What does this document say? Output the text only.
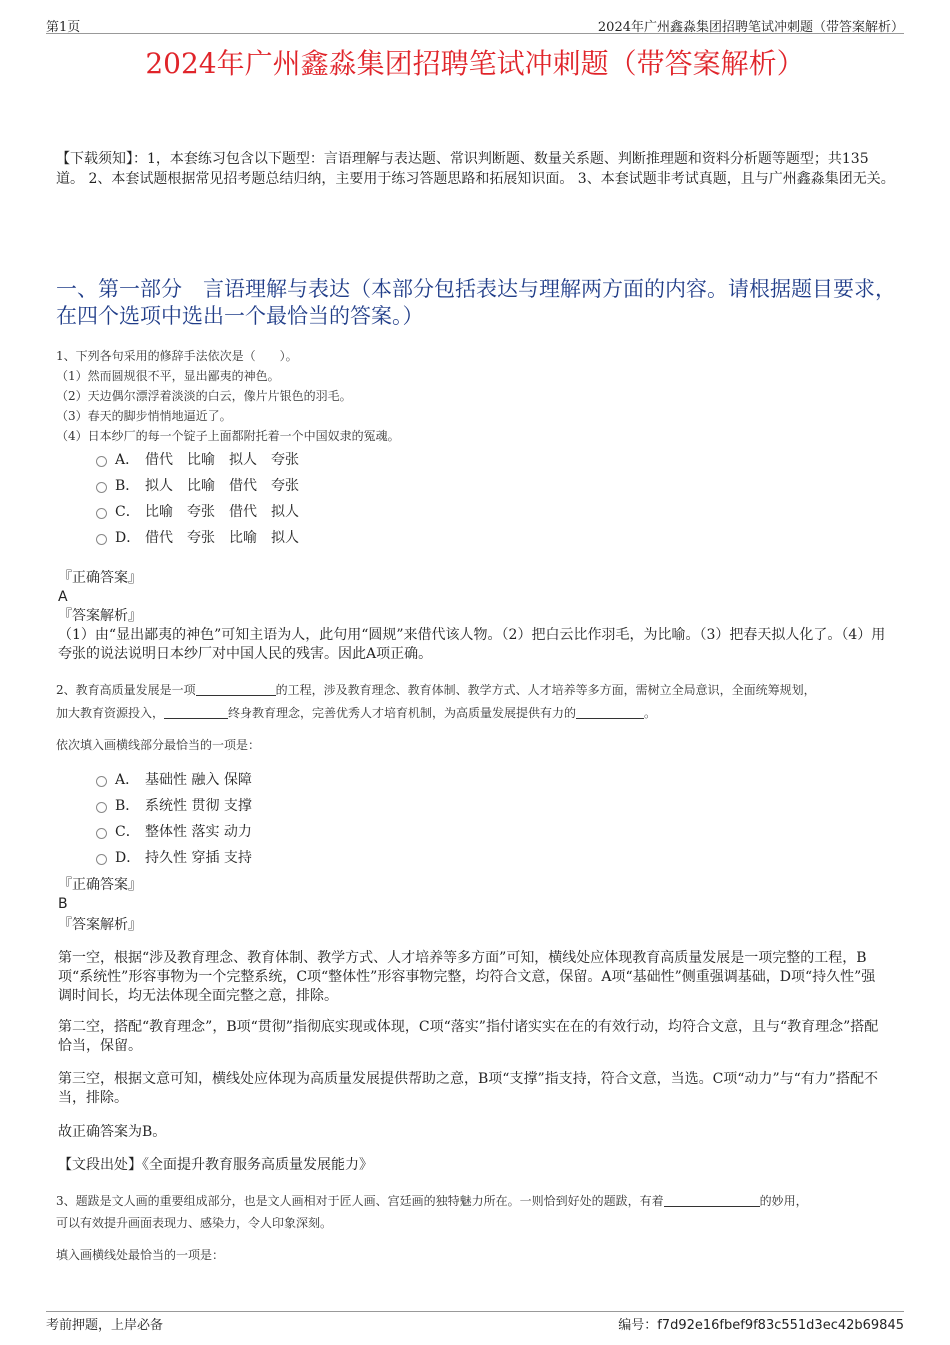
第1页	2024年广州鑫淼集团招聘笔试冲刺题（带答案解析）
2024年广州鑫淼集团招聘笔试冲刺题（带答案解析）
【下载须知】：1，本套练习包含以下题型：言语理解与表达题、常识判断题、数量关系题、判断推理题和资料分析题等题型；共135道。 2、本套试题根据常见招考题总结归纳，主要用于练习答题思路和拓展知识面。 3、本套试题非考试真题，且与广州鑫淼集团无关。
一、第一部分　言语理解与表达（本部分包括表达与理解两方面的内容。请根据题目要求，在四个选项中选出一个最恰当的答案。）
1、下列各句采用的修辞手法依次是（　　）。
（1）然而圆规很不平，显出鄙夷的神色。
（2）天边偶尔漂浮着淡淡的白云，像片片银色的羽毛。
（3）春天的脚步悄悄地逼近了。
（4）日本纱厂的每一个锭子上面都附托着一个中国奴隶的冤魂。
A． 借代　比喻　拟人　夸张
B． 拟人　比喻　借代　夸张
C． 比喻　夸张　借代　拟人
D． 借代　夸张　比喻　拟人
『正确答案』
A
『答案解析』
（1）由“显出鄙夷的神色”可知主语为人，此句用“圆规”来借代该人物。（2）把白云比作羽毛，为比喻。（3）把春天拟人化了。（4）用夸张的说法说明日本纱厂对中国人民的残害。因此A项正确。
2、教育高质量发展是一项	的工程，涉及教育理念、教育体制、教学方式、人才培养等多方面，需树立全局意识，全面统筹规划，
加大教育资源投入，	终身教育理念，完善优秀人才培育机制，为高质量发展提供有力的	。
依次填入画横线部分最恰当的一项是：
A． 基础性 融入 保障
B． 系统性 贯彻 支撑
C． 整体性 落实 动力
D． 持久性 穿插 支持
『正确答案』
B
『答案解析』
第一空，根据“涉及教育理念、教育体制、教学方式、人才培养等多方面”可知，横线处应体现教育高质量发展是一项完整的工程，B项“系统性”形容事物为一个完整系统，C项“整体性”形容事物完整，均符合文意，保留。A项“基础性”侧重强调基础，D项“持久性”强调时间长，均无法体现全面完整之意，排除。
第二空，搭配“教育理念”，B项“贯彻”指彻底实现或体现，C项“落实”指付诸实实在在的有效行动，均符合文意，且与“教育理念”搭配恰当，保留。
第三空，根据文意可知，横线处应体现为高质量发展提供帮助之意，B项“支撑”指支持，符合文意，当选。C项“动力”与“有力”搭配不当，排除。
故正确答案为B。
【文段出处】《全面提升教育服务高质量发展能力》
3、题跋是文人画的重要组成部分，也是文人画相对于匠人画、宫廷画的独特魅力所在。一则恰到好处的题跋，有着	的妙用，
可以有效提升画面表现力、感染力，令人印象深刻。
填入画横线处最恰当的一项是：
考前押题，上岸必备	编号：f7d92e16fbef9f83c551d3ec42b69845
